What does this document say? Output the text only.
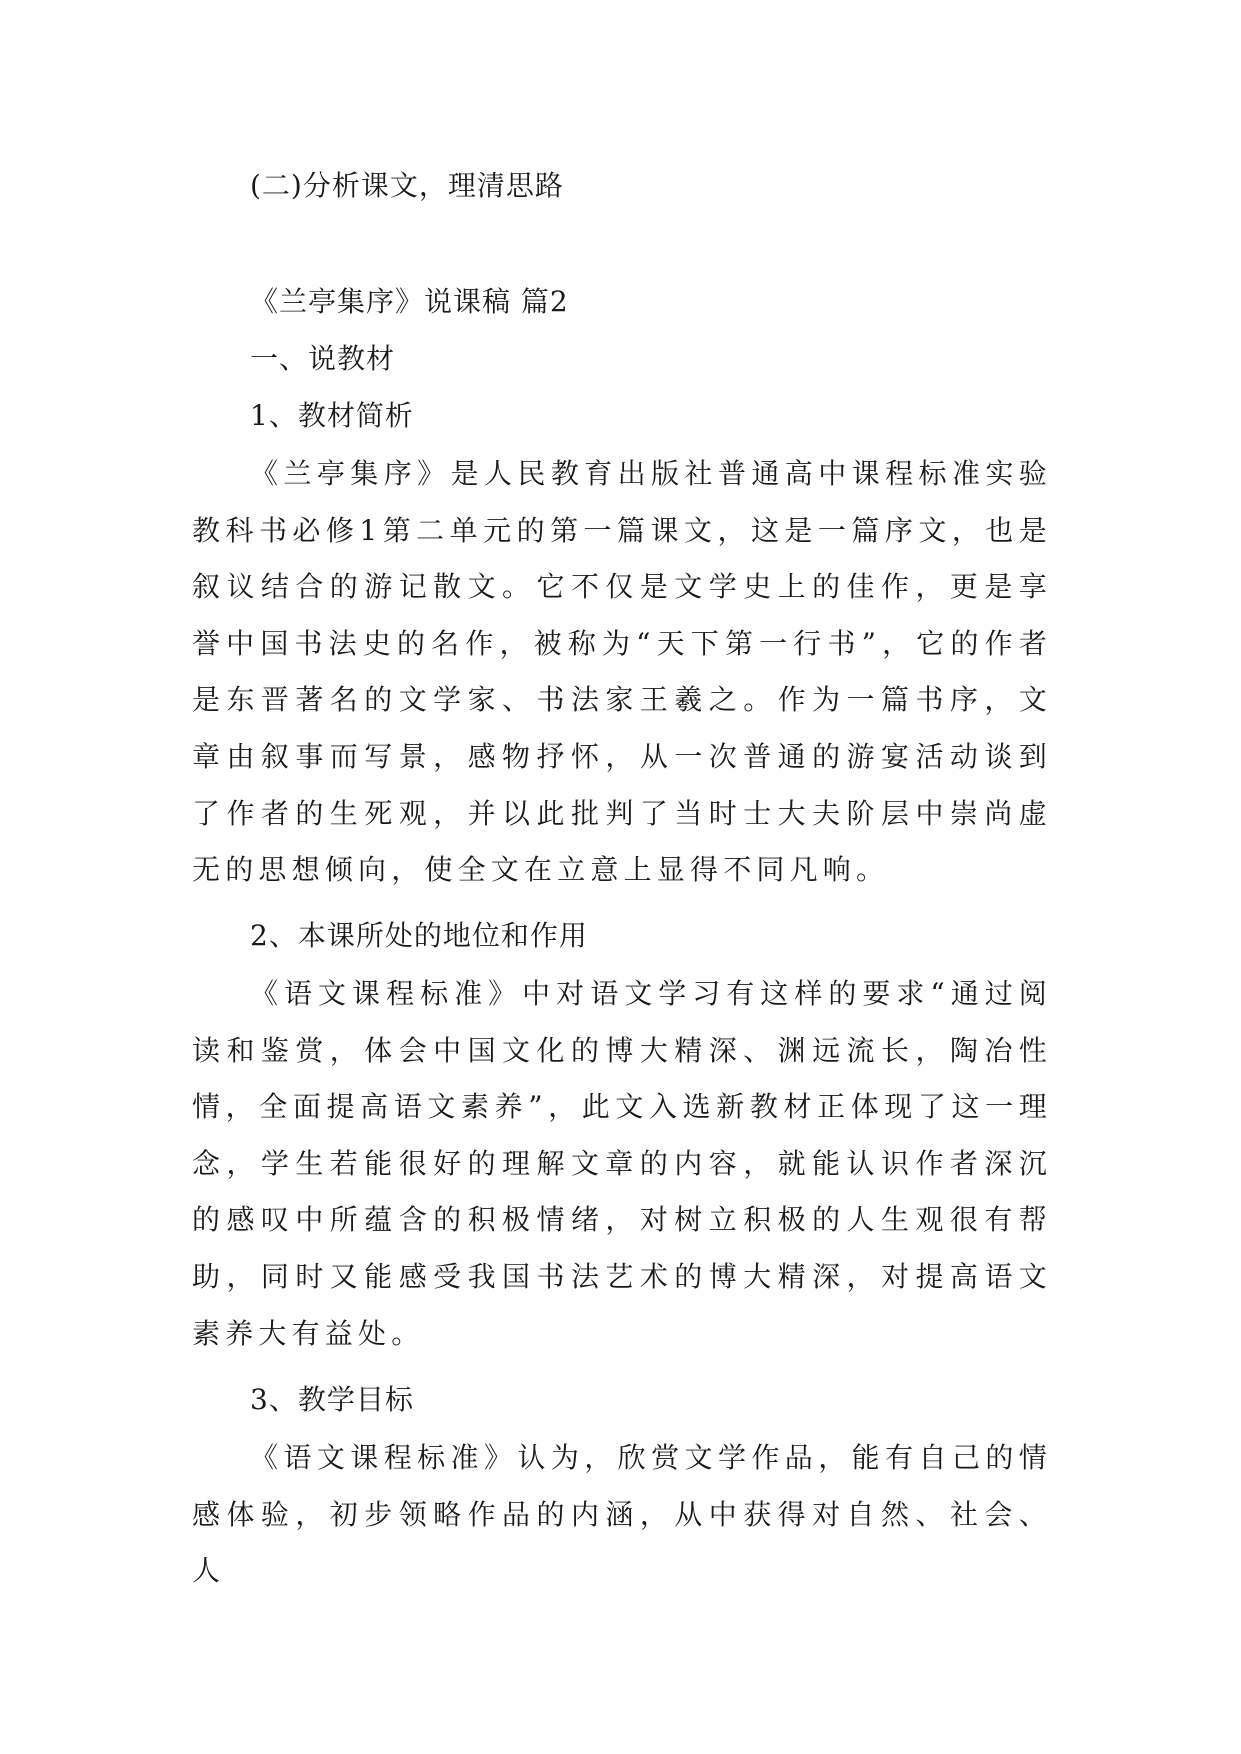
(二)分析课文，理清思路
《兰亭集序》说课稿 篇2
一、说教材
1、教材简析

《兰亭集序》是人民教育出版社普通高中课程标准实验教科书必修1第二单元的第一篇课文，这是一篇序文，也是叙议结合的游记散文。它不仅是文学史上的佳作，更是享誉中国书法史的名作，被称为“天下第一行书”，它的作者是东晋著名的文学家、书法家王羲之。作为一篇书序，文章由叙事而写景，感物抒怀，从一次普通的游宴活动谈到了作者的生死观，并以此批判了当时士大夫阶层中崇尚虚无的思想倾向，使全文在立意上显得不同凡响。

2、本课所处的地位和作用

《语文课程标准》中对语文学习有这样的要求“通过阅读和鉴赏，体会中国文化的博大精深、渊远流长，陶冶性情，全面提高语文素养”，此文入选新教材正体现了这一理念，学生若能很好的理解文章的内容，就能认识作者深沉的感叹中所蕴含的积极情绪，对树立积极的人生观很有帮助，同时又能感受我国书法艺术的博大精深，对提高语文素养大有益处。

3、教学目标

《语文课程标准》认为，欣赏文学作品，能有自己的情感体验，初步领略作品的内涵，从中获得对自然、社会、人
